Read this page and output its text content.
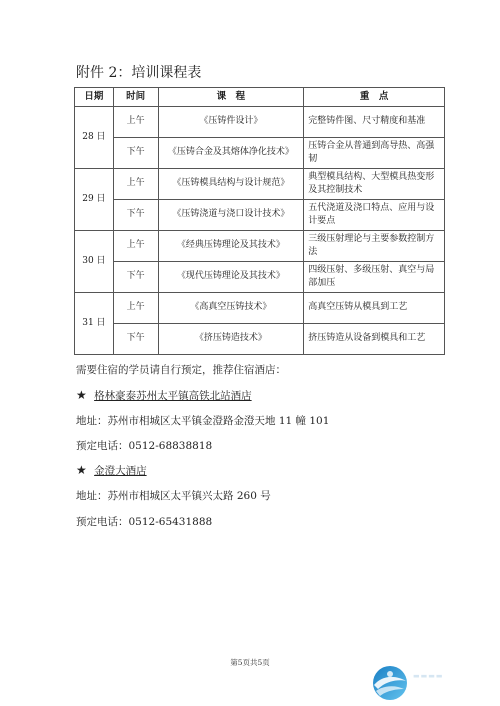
附件 2：培训课程表
日期	时间	课　程	重　点
28 日	上午	《压铸件设计》	完整铸件图、尺寸精度和基准
	下午	《压铸合金及其熔体净化技术》	压铸合金从普通到高导热、高强韧
29 日	上午	《压铸模具结构与设计规范》	典型模具结构、大型模具热变形及其控制技术
	下午	《压铸浇道与浇口设计技术》	五代浇道及浇口特点、应用与设计要点
30 日	上午	《经典压铸理论及其技术》	三级压射理论与主要参数控制方法
	下午	《现代压铸理论及其技术》	四级压射、多级压射、真空与局部加压
31 日	上午	《高真空压铸技术》	高真空压铸从模具到工艺
	下午	《挤压铸造技术》	挤压铸造从设备到模具和工艺
需要住宿的学员请自行预定，推荐住宿酒店：
★ 格林豪泰苏州太平镇高铁北站酒店
地址：苏州市相城区太平镇金澄路金澄天地 11 幢 101
预定电话：0512-68838818
★ 金澄大酒店
地址：苏州市相城区太平镇兴太路 260 号
预定电话：0512-65431888
第5页共5页
▬▬▬▬
